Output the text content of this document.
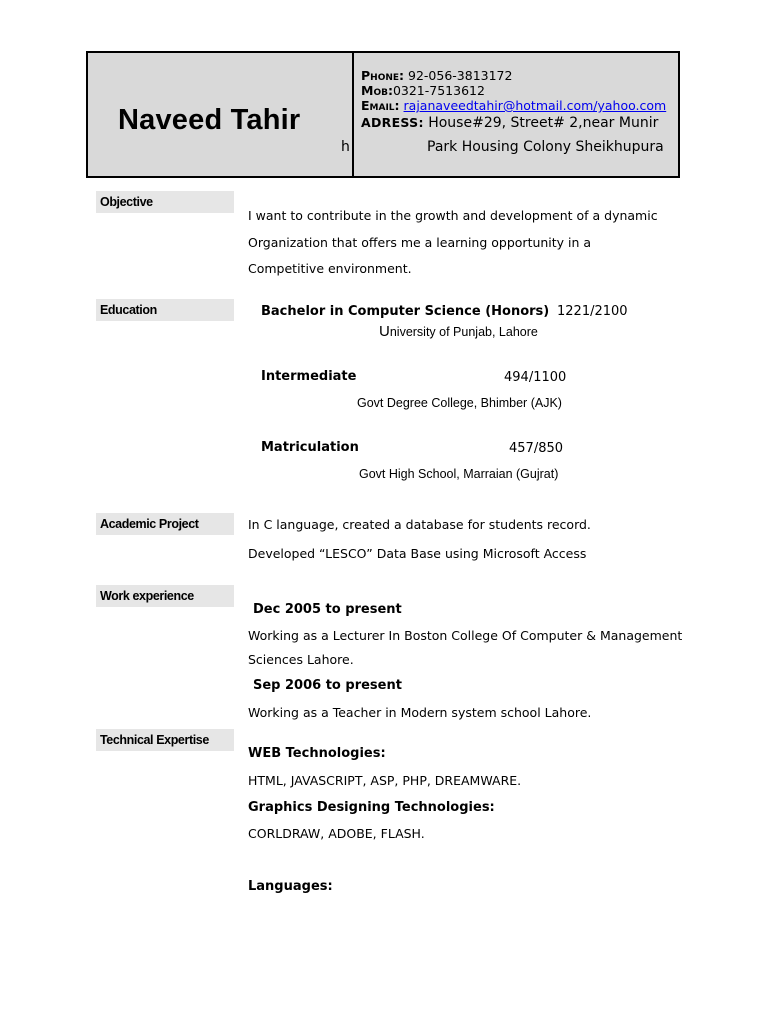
Naveed Tahir
h
Phone: 92-056-3813172
Mob:0321-7513612
Email: rajanaveedtahir@hotmail.com/yahoo.com
ADRESS: House#29, Street# 2,near Munir
Park Housing Colony Sheikhupura
Objective
Education
Academic Project
Work experience
Technical Expertise
I want to contribute in the growth and development of a dynamic
Organization that offers me a learning opportunity in a
Competitive environment.
Bachelor in Computer Science (Honors) 1221/2100
University of Punjab, Lahore
Intermediate	494/1100
Govt Degree College, Bhimber (AJK)
Matriculation	457/850
Govt High School, Marraian (Gujrat)
In C language, created a database for students record.
Developed “LESCO” Data Base using Microsoft Access
Dec 2005 to present
Working as a Lecturer In Boston College Of Computer & Management
Sciences Lahore.
Sep 2006 to present
Working as a Teacher in Modern system school Lahore.
WEB Technologies:
HTML, JAVASCRIPT, ASP, PHP, DREAMWARE.
Graphics Designing Technologies:
CORLDRAW, ADOBE, FLASH.
Languages:
